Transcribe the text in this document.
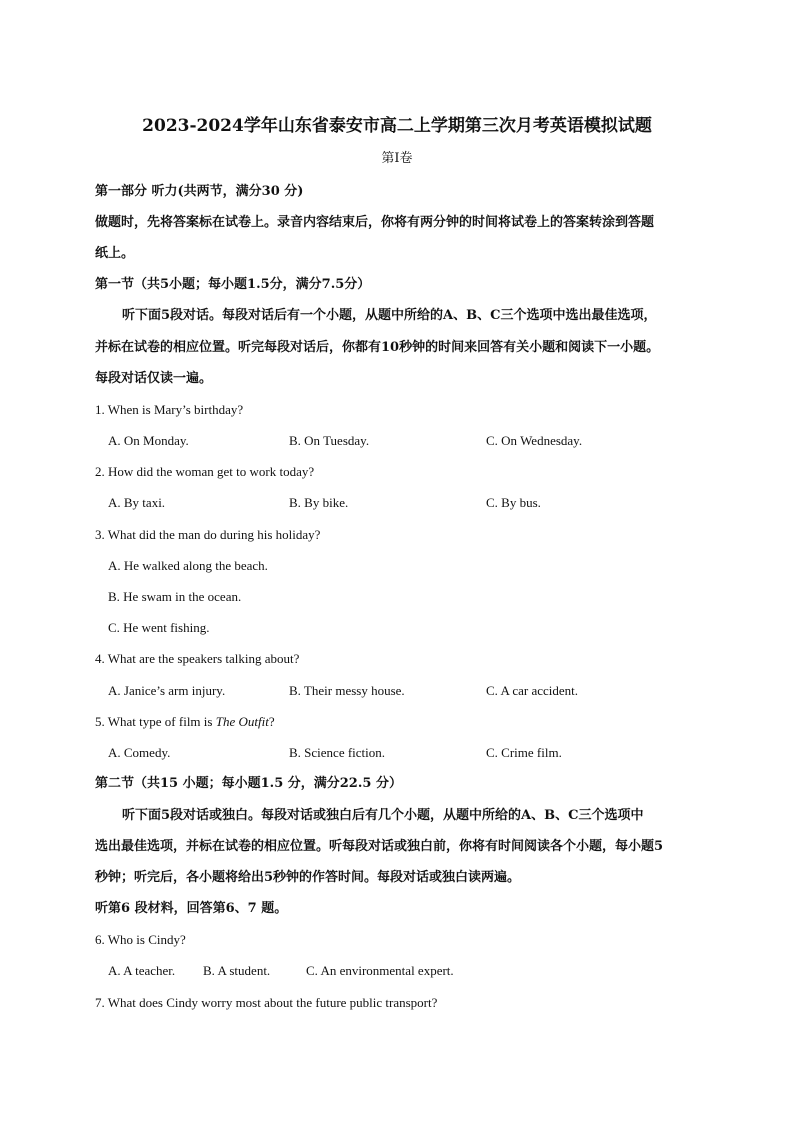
2023-2024学年山东省泰安市高二上学期第三次月考英语模拟试题
第Ⅰ卷
第一部分 听力(共两节，满分30 分)
做题时，先将答案标在试卷上。录音内容结束后，你将有两分钟的时间将试卷上的答案转涂到答题
纸上。
第一节（共5小题；每小题1.5分，满分7.5分）
听下面5段对话。每段对话后有一个小题，从题中所给的A、B、C三个选项中选出最佳选项，
并标在试卷的相应位置。听完每段对话后，你都有10秒钟的时间来回答有关小题和阅读下一小题。
每段对话仅读一遍。
1. When is Mary’s birthday?
A. On Monday.	B. On Tuesday.	C. On Wednesday.
2. How did the woman get to work today?
A. By taxi.	B. By bike.	C. By bus.
3. What did the man do during his holiday?
A. He walked along the beach.
B. He swam in the ocean.
C. He went fishing.
4. What are the speakers talking about?
A. Janice’s arm injury.	B. Their messy house.	C. A car accident.
5. What type of film is The Outfit?
A. Comedy.	B. Science fiction.	C. Crime film.
第二节（共15 小题；每小题1.5 分，满分22.5 分）
听下面5段对话或独白。每段对话或独白后有几个小题，从题中所给的A、B、C三个选项中
选出最佳选项，并标在试卷的相应位置。听每段对话或独白前，你将有时间阅读各个小题，每小题5
秒钟；听完后，各小题将给出5秒钟的作答时间。每段对话或独白读两遍。
听第6 段材料，回答第6、7 题。
6. Who is Cindy?
A. A teacher. B. A student.	C. An environmental expert.
7. What does Cindy worry most about the future public transport?
